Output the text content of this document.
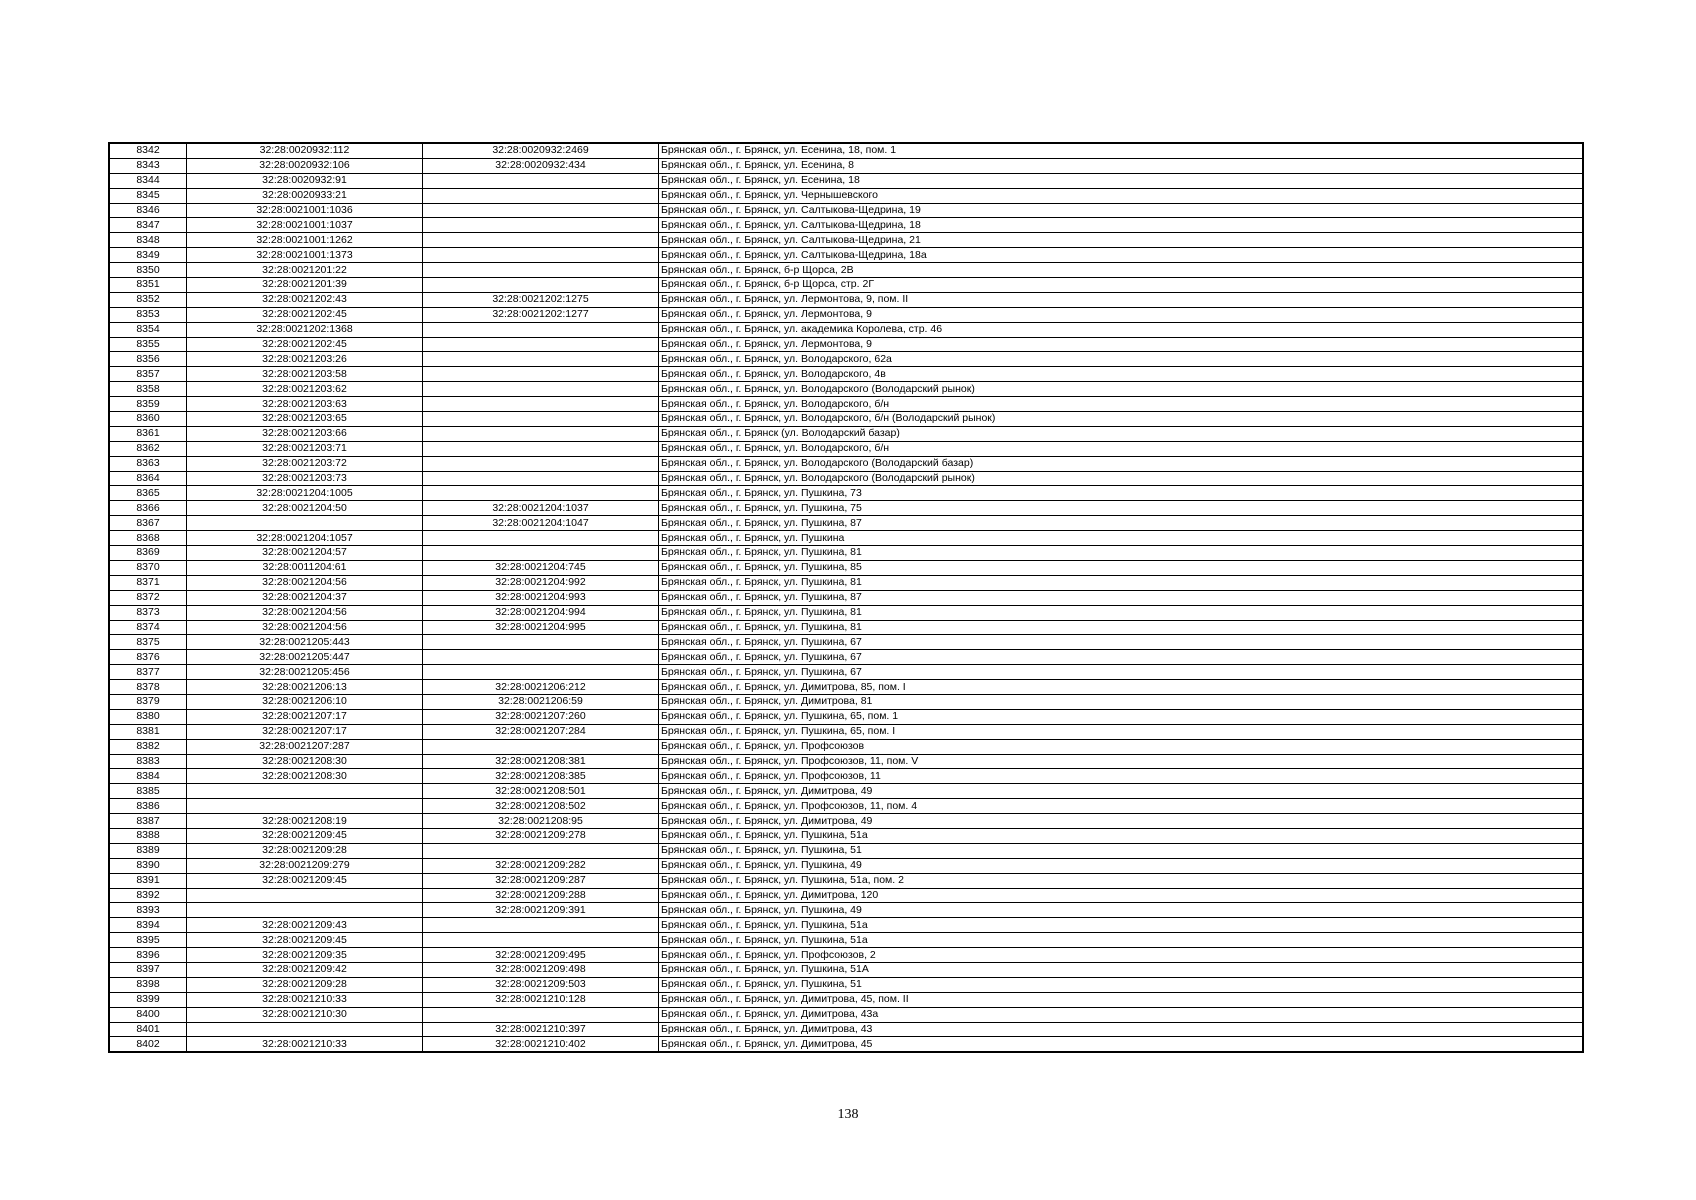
8342	32:28:0020932:112	32:28:0020932:2469	Брянская обл., г. Брянск, ул. Есенина, 18, пом. 1
8343	32:28:0020932:106	32:28:0020932:434	Брянская обл., г. Брянск, ул. Есенина, 8
8344	32:28:0020932:91		Брянская обл., г. Брянск, ул. Есенина, 18
8345	32:28:0020933:21		Брянская обл., г. Брянск, ул. Чернышевского
8346	32:28:0021001:1036		Брянская обл., г. Брянск, ул. Салтыкова-Щедрина, 19
8347	32:28:0021001:1037		Брянская обл., г. Брянск, ул. Салтыкова-Щедрина, 18
8348	32:28:0021001:1262		Брянская обл., г. Брянск, ул. Салтыкова-Щедрина, 21
8349	32:28:0021001:1373		Брянская обл., г. Брянск, ул. Салтыкова-Щедрина, 18а
8350	32:28:0021201:22		Брянская обл., г. Брянск, б-р Щорса, 2В
8351	32:28:0021201:39		Брянская обл., г. Брянск, б-р Щорса, стр. 2Г
8352	32:28:0021202:43	32:28:0021202:1275	Брянская обл., г. Брянск, ул. Лермонтова, 9, пом. II
8353	32:28:0021202:45	32:28:0021202:1277	Брянская обл., г. Брянск, ул. Лермонтова, 9
8354	32:28:0021202:1368		Брянская обл., г. Брянск, ул. академика Королева, стр. 46
8355	32:28:0021202:45		Брянская обл., г. Брянск, ул. Лермонтова, 9
8356	32:28:0021203:26		Брянская обл., г. Брянск, ул. Володарского, 62а
8357	32:28:0021203:58		Брянская обл., г. Брянск, ул. Володарского, 4в
8358	32:28:0021203:62		Брянская обл., г. Брянск, ул. Володарского (Володарский рынок)
8359	32:28:0021203:63		Брянская обл., г. Брянск, ул. Володарского, б/н
8360	32:28:0021203:65		Брянская обл., г. Брянск, ул. Володарского, б/н (Володарский рынок)
8361	32:28:0021203:66		Брянская обл., г. Брянск (ул. Володарский базар)
8362	32:28:0021203:71		Брянская обл., г. Брянск, ул. Володарского, б/н
8363	32:28:0021203:72		Брянская обл., г. Брянск, ул. Володарского (Володарский базар)
8364	32:28:0021203:73		Брянская обл., г. Брянск, ул. Володарского (Володарский рынок)
8365	32:28:0021204:1005		Брянская обл., г. Брянск, ул. Пушкина, 73
8366	32:28:0021204:50	32:28:0021204:1037	Брянская обл., г. Брянск, ул. Пушкина, 75
8367		32:28:0021204:1047	Брянская обл., г. Брянск, ул. Пушкина, 87
8368	32:28:0021204:1057		Брянская обл., г. Брянск, ул. Пушкина
8369	32:28:0021204:57		Брянская обл., г. Брянск, ул. Пушкина, 81
8370	32:28:0011204:61	32:28:0021204:745	Брянская обл., г. Брянск, ул. Пушкина, 85
8371	32:28:0021204:56	32:28:0021204:992	Брянская обл., г. Брянск, ул. Пушкина, 81
8372	32:28:0021204:37	32:28:0021204:993	Брянская обл., г. Брянск, ул. Пушкина, 87
8373	32:28:0021204:56	32:28:0021204:994	Брянская обл., г. Брянск, ул. Пушкина, 81
8374	32:28:0021204:56	32:28:0021204:995	Брянская обл., г. Брянск, ул. Пушкина, 81
8375	32:28:0021205:443		Брянская обл., г. Брянск, ул. Пушкина, 67
8376	32:28:0021205:447		Брянская обл., г. Брянск, ул. Пушкина, 67
8377	32:28:0021205:456		Брянская обл., г. Брянск, ул. Пушкина, 67
8378	32:28:0021206:13	32:28:0021206:212	Брянская обл., г. Брянск, ул. Димитрова, 85, пом. I
8379	32:28:0021206:10	32:28:0021206:59	Брянская обл., г. Брянск, ул. Димитрова, 81
8380	32:28:0021207:17	32:28:0021207:260	Брянская обл., г. Брянск, ул. Пушкина, 65, пом. 1
8381	32:28:0021207:17	32:28:0021207:284	Брянская обл., г. Брянск, ул. Пушкина, 65, пом. I
8382	32:28:0021207:287		Брянская обл., г. Брянск, ул. Профсоюзов
8383	32:28:0021208:30	32:28:0021208:381	Брянская обл., г. Брянск, ул. Профсоюзов, 11, пом. V
8384	32:28:0021208:30	32:28:0021208:385	Брянская обл., г. Брянск, ул. Профсоюзов, 11
8385		32:28:0021208:501	Брянская обл., г. Брянск, ул. Димитрова, 49
8386		32:28:0021208:502	Брянская обл., г. Брянск, ул. Профсоюзов, 11, пом. 4
8387	32:28:0021208:19	32:28:0021208:95	Брянская обл., г. Брянск, ул. Димитрова, 49
8388	32:28:0021209:45	32:28:0021209:278	Брянская обл., г. Брянск, ул. Пушкина, 51а
8389	32:28:0021209:28		Брянская обл., г. Брянск, ул. Пушкина, 51
8390	32:28:0021209:279	32:28:0021209:282	Брянская обл., г. Брянск, ул. Пушкина, 49
8391	32:28:0021209:45	32:28:0021209:287	Брянская обл., г. Брянск, ул. Пушкина, 51а, пом. 2
8392		32:28:0021209:288	Брянская обл., г. Брянск, ул. Димитрова, 120
8393		32:28:0021209:391	Брянская обл., г. Брянск, ул. Пушкина, 49
8394	32:28:0021209:43		Брянская обл., г. Брянск, ул. Пушкина, 51а
8395	32:28:0021209:45		Брянская обл., г. Брянск, ул. Пушкина, 51а
8396	32:28:0021209:35	32:28:0021209:495	Брянская обл., г. Брянск, ул. Профсоюзов, 2
8397	32:28:0021209:42	32:28:0021209:498	Брянская обл., г. Брянск, ул. Пушкина, 51А
8398	32:28:0021209:28	32:28:0021209:503	Брянская обл., г. Брянск, ул. Пушкина, 51
8399	32:28:0021210:33	32:28:0021210:128	Брянская обл., г. Брянск, ул. Димитрова, 45, пом. II
8400	32:28:0021210:30		Брянская обл., г. Брянск, ул. Димитрова, 43а
8401		32:28:0021210:397	Брянская обл., г. Брянск, ул. Димитрова, 43
8402	32:28:0021210:33	32:28:0021210:402	Брянская обл., г. Брянск, ул. Димитрова, 45
138
